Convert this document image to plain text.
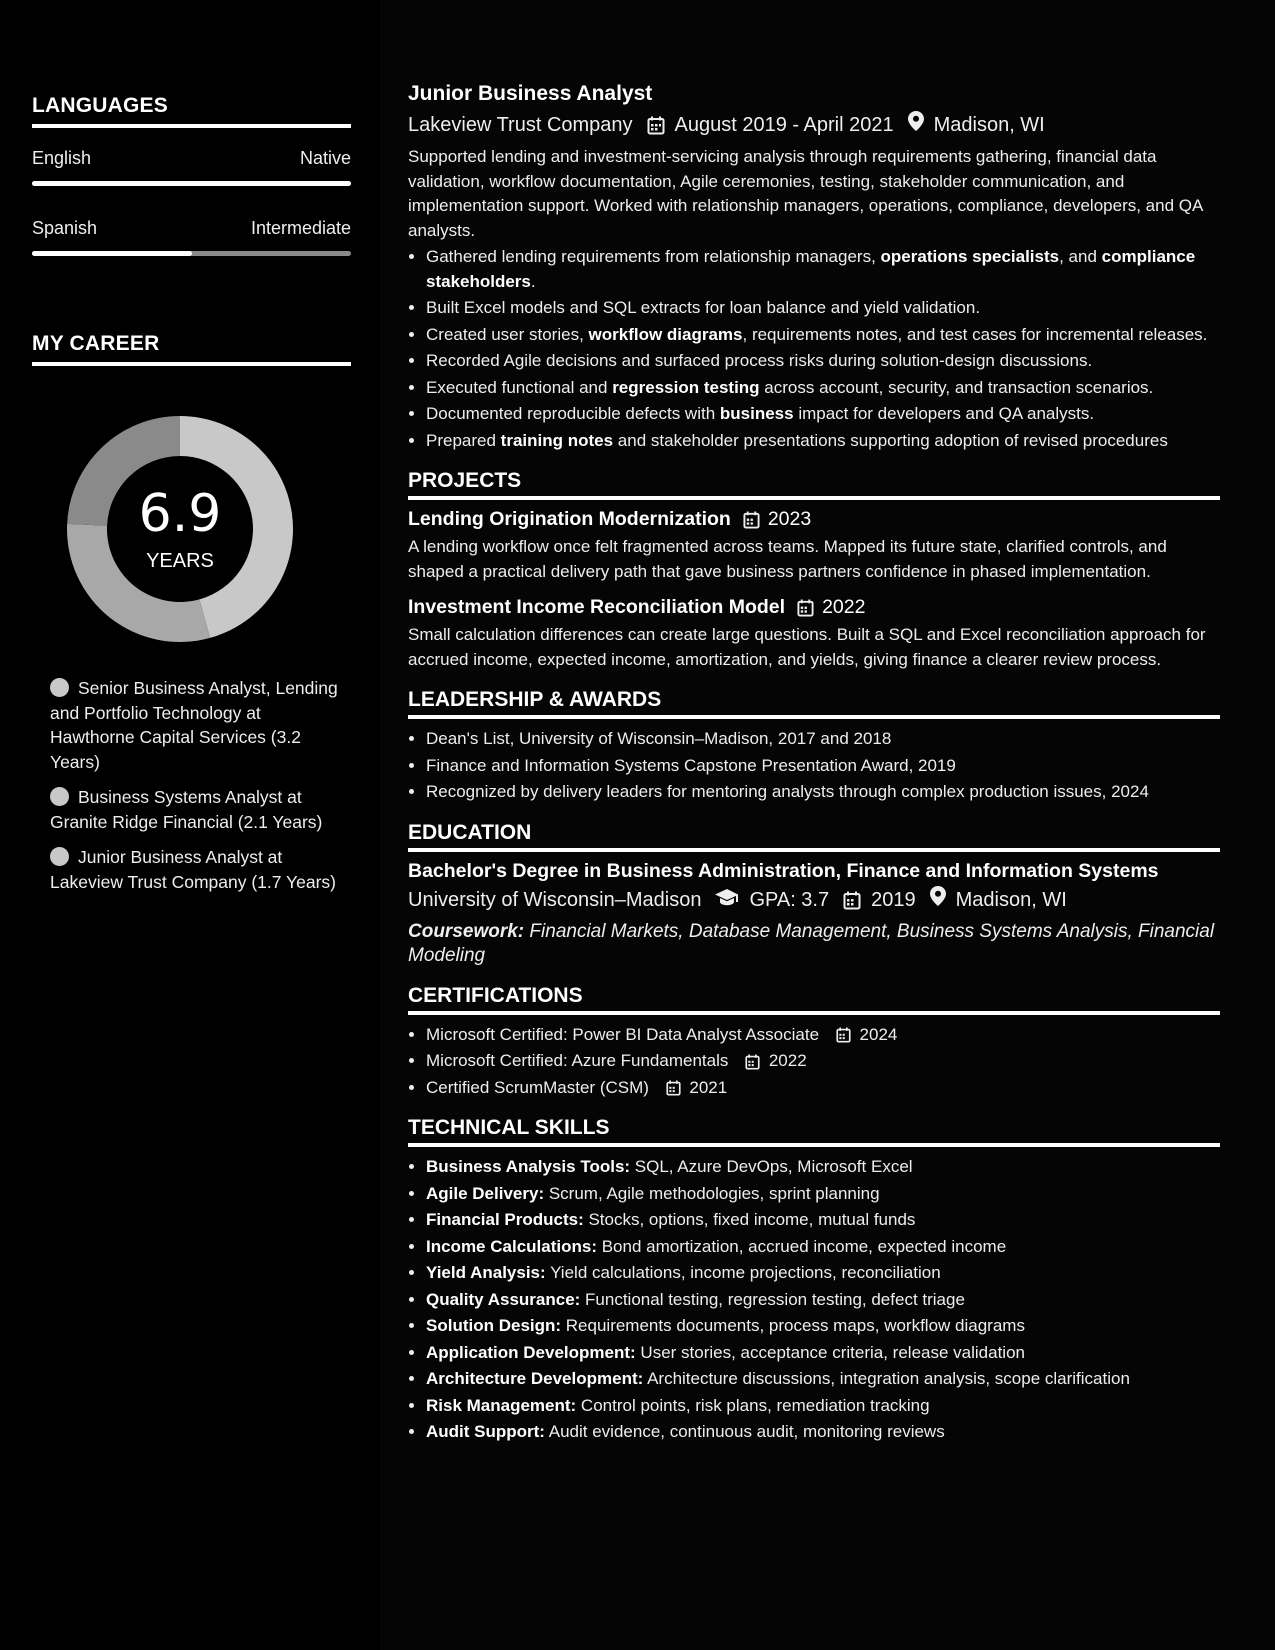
LANGUAGES
English	Native
Spanish	Intermediate
MY CAREER
6.9
YEARS
Senior Business Analyst, Lending and Portfolio Technology at Hawthorne Capital Services (3.2 Years)
Business Systems Analyst at Granite Ridge Financial (2.1 Years)
Junior Business Analyst at Lakeview Trust Company (1.7 Years)
Junior Business Analyst
Lakeview Trust Company August 2019 - April 2021 Madison, WI
Supported lending and investment-servicing analysis through requirements gathering, financial data validation, workflow documentation, Agile ceremonies, testing, stakeholder communication, and implementation support. Worked with relationship managers, operations, compliance, developers, and QA analysts.
• Gathered lending requirements from relationship managers, operations specialists, and compliance stakeholders.
• Built Excel models and SQL extracts for loan balance and yield validation.
• Created user stories, workflow diagrams, requirements notes, and test cases for incremental releases.
• Recorded Agile decisions and surfaced process risks during solution-design discussions.
• Executed functional and regression testing across account, security, and transaction scenarios.
• Documented reproducible defects with business impact for developers and QA analysts.
• Prepared training notes and stakeholder presentations supporting adoption of revised procedures
PROJECTS
Lending Origination Modernization 2023
A lending workflow once felt fragmented across teams. Mapped its future state, clarified controls, and shaped a practical delivery path that gave business partners confidence in phased implementation.
Investment Income Reconciliation Model 2022
Small calculation differences can create large questions. Built a SQL and Excel reconciliation approach for accrued income, expected income, amortization, and yields, giving finance a clearer review process.
LEADERSHIP & AWARDS
• Dean's List, University of Wisconsin–Madison, 2017 and 2018
• Finance and Information Systems Capstone Presentation Award, 2019
• Recognized by delivery leaders for mentoring analysts through complex production issues, 2024
EDUCATION
Bachelor's Degree in Business Administration, Finance and Information Systems
University of Wisconsin–Madison GPA: 3.7 2019 Madison, WI
Coursework: Financial Markets, Database Management, Business Systems Analysis, Financial Modeling
CERTIFICATIONS
• Microsoft Certified: Power BI Data Analyst Associate 2024
• Microsoft Certified: Azure Fundamentals 2022
• Certified ScrumMaster (CSM) 2021
TECHNICAL SKILLS
• Business Analysis Tools: SQL, Azure DevOps, Microsoft Excel
• Agile Delivery: Scrum, Agile methodologies, sprint planning
• Financial Products: Stocks, options, fixed income, mutual funds
• Income Calculations: Bond amortization, accrued income, expected income
• Yield Analysis: Yield calculations, income projections, reconciliation
• Quality Assurance: Functional testing, regression testing, defect triage
• Solution Design: Requirements documents, process maps, workflow diagrams
• Application Development: User stories, acceptance criteria, release validation
• Architecture Development: Architecture discussions, integration analysis, scope clarification
• Risk Management: Control points, risk plans, remediation tracking
• Audit Support: Audit evidence, continuous audit, monitoring reviews
